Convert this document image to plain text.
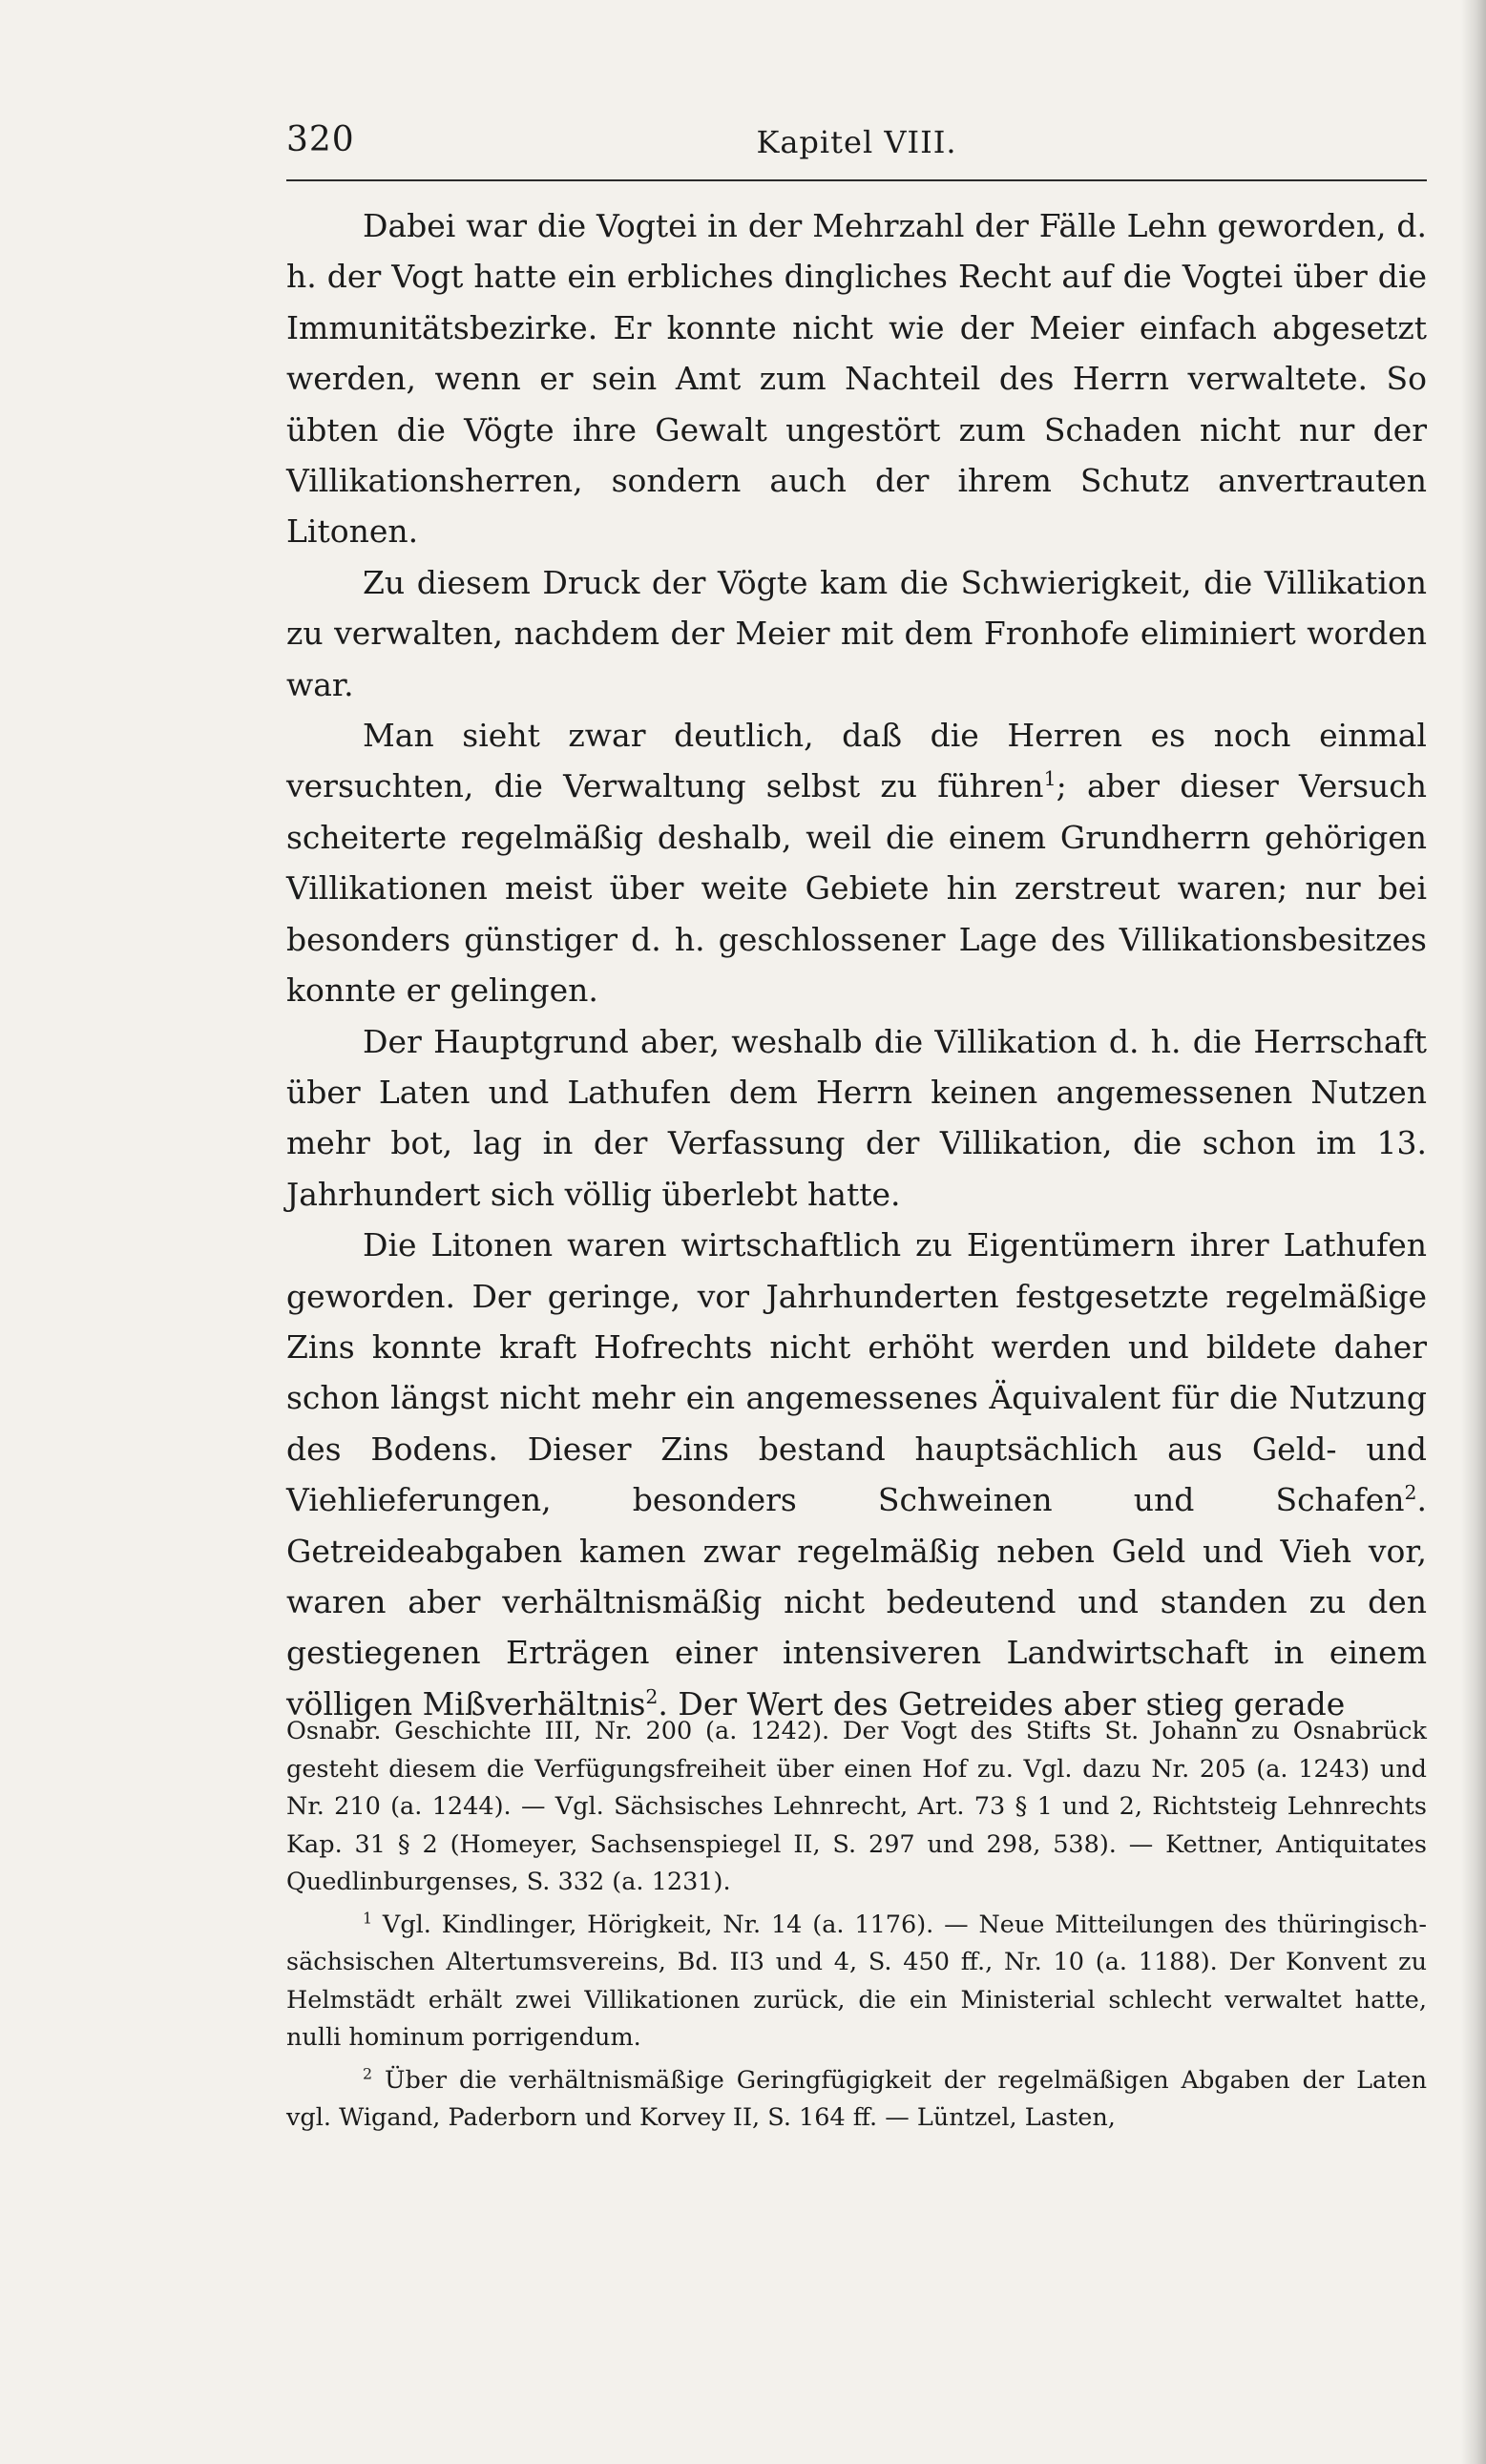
320	Kapitel VIII.

Dabei war die Vogtei in der Mehrzahl der Fälle Lehn geworden, d. h. der Vogt hatte ein erbliches dingliches Recht auf die Vogtei über die Immunitätsbezirke. Er konnte nicht wie der Meier einfach abgesetzt werden, wenn er sein Amt zum Nachteil des Herrn verwaltete. So übten die Vögte ihre Gewalt ungestört zum Schaden nicht nur der Villikationsherren, sondern auch der ihrem Schutz anvertrauten Litonen.

Zu diesem Druck der Vögte kam die Schwierigkeit, die Villikation zu verwalten, nachdem der Meier mit dem Fronhofe eliminiert worden war.

Man sieht zwar deutlich, daß die Herren es noch einmal versuchten, die Verwaltung selbst zu führen$^1$; aber dieser Versuch scheiterte regelmäßig deshalb, weil die einem Grundherrn gehörigen Villikationen meist über weite Gebiete hin zerstreut waren; nur bei besonders günstiger d. h. geschlossener Lage des Villikationsbesitzes konnte er gelingen.

Der Hauptgrund aber, weshalb die Villikation d. h. die Herrschaft über Laten und Lathufen dem Herrn keinen angemessenen Nutzen mehr bot, lag in der Verfassung der Villikation, die schon im 13. Jahrhundert sich völlig überlebt hatte.

Die Litonen waren wirtschaftlich zu Eigentümern ihrer Lathufen geworden. Der geringe, vor Jahrhunderten festgesetzte regelmäßige Zins konnte kraft Hofrechts nicht erhöht werden und bildete daher schon längst nicht mehr ein angemessenes Äquivalent für die Nutzung des Bodens. Dieser Zins bestand hauptsächlich aus Geld- und Viehlieferungen, besonders Schweinen und Schafen$^2$. Getreideabgaben kamen zwar regelmäßig neben Geld und Vieh vor, waren aber verhältnismäßig nicht bedeutend und standen zu den gestiegenen Erträgen einer intensiveren Landwirtschaft in einem völligen Mißverhältnis$^2$. Der Wert des Getreides aber stieg gerade

Osnabr. Geschichte III, Nr. 200 (a. 1242). Der Vogt des Stifts St. Johann zu Osnabrück gesteht diesem die Verfügungsfreiheit über einen Hof zu. Vgl. dazu Nr. 205 (a. 1243) und Nr. 210 (a. 1244). — Vgl. Sächsisches Lehnrecht, Art. 73 § 1 und 2, Richtsteig Lehnrechts Kap. 31 § 2 (Homeyer, Sachsenspiegel II, S. 297 und 298, 538). — Kettner, Antiquitates Quedlinburgenses, S. 332 (a. 1231).

$^1$ Vgl. Kindlinger, Hörigkeit, Nr. 14 (a. 1176). — Neue Mitteilungen des thüringisch-sächsischen Altertumsvereins, Bd. II3 und 4, S. 450 ff., Nr. 10 (a. 1188). Der Konvent zu Helmstädt erhält zwei Villikationen zurück, die ein Ministerial schlecht verwaltet hatte, nulli hominum porrigendum.

$^2$ Über die verhältnismäßige Geringfügigkeit der regelmäßigen Abgaben der Laten vgl. Wigand, Paderborn und Korvey II, S. 164 ff. — Lüntzel, Lasten,
